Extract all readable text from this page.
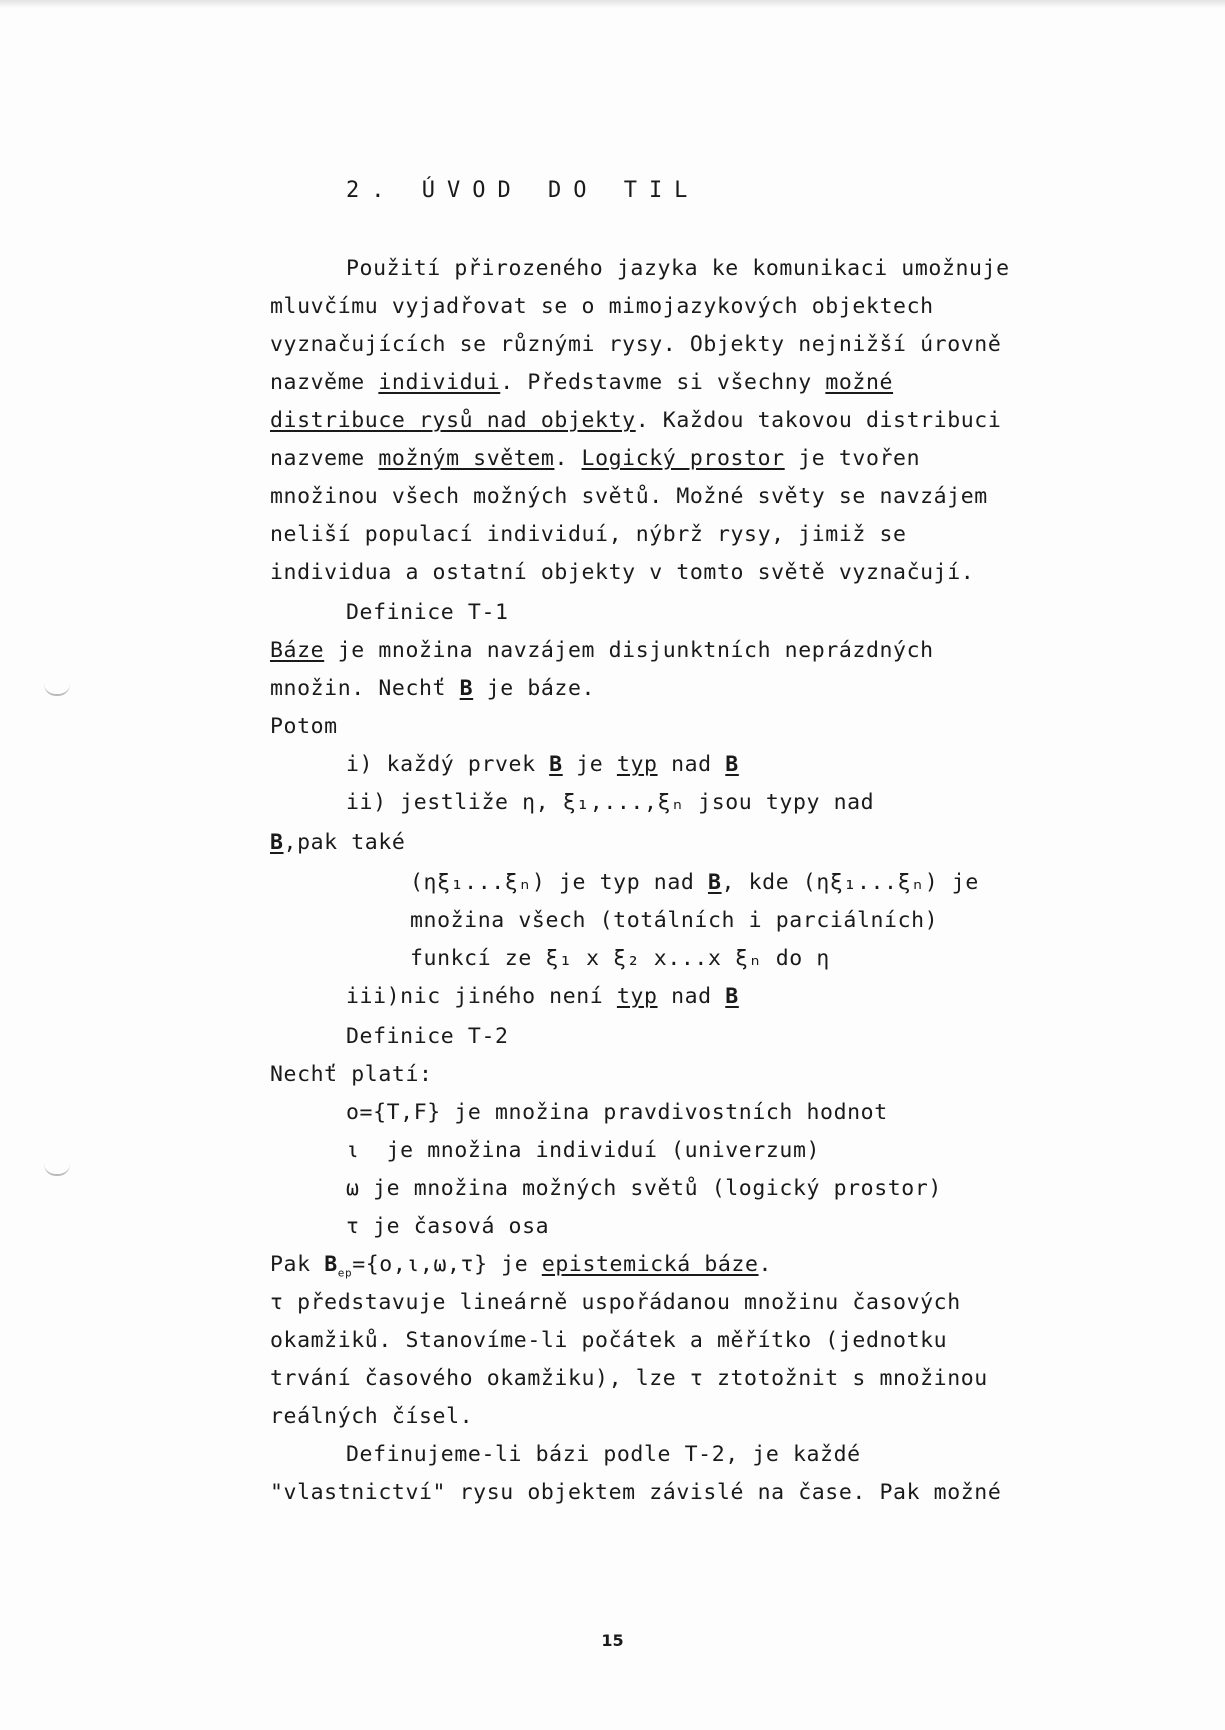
2. ÚVOD DO TIL
Použití přirozeného jazyka ke komunikaci umožnuje
mluvčímu vyjadřovat se o mimojazykových objektech
vyznačujících se různými rysy. Objekty nejnižší úrovně
nazvěme individui. Představme si všechny možné
distribuce rysů nad objekty. Každou takovou distribuci
nazveme možným světem. Logický prostor je tvořen
množinou všech možných světů. Možné světy se navzájem
neliší populací individuí, nýbrž rysy, jimiž se
individua a ostatní objekty v tomto světě vyznačují.
Definice T-1
Báze je množina navzájem disjunktních neprázdných
množin. Nechť B je báze.
Potom
i) každý prvek B je typ nad B
ii) jestliže η, ξ₁,...,ξₙ jsou typy nad
B,pak také
(ηξ₁...ξₙ) je typ nad B, kde (ηξ₁...ξₙ) je
množina všech (totálních i parciálních)
funkcí ze ξ₁ x ξ₂ x...x ξₙ do η
iii)nic jiného není typ nad B
Definice T-2
Nechť platí:
o={T,F} je množina pravdivostních hodnot
ι  je množina individuí (univerzum)
ω je množina možných světů (logický prostor)
τ je časová osa
Pak $B_{ep}=\{o,\iota,\omega,\tau\}$ je epistemická báze.
τ představuje lineárně uspořádanou množinu časových
okamžiků. Stanovíme-li počátek a měřítko (jednotku
trvání časového okamžiku), lze τ ztotožnit s množinou
reálných čísel.
Definujeme-li bázi podle T-2, je každé
"vlastnictví" rysu objektem závislé na čase. Pak možné
15
